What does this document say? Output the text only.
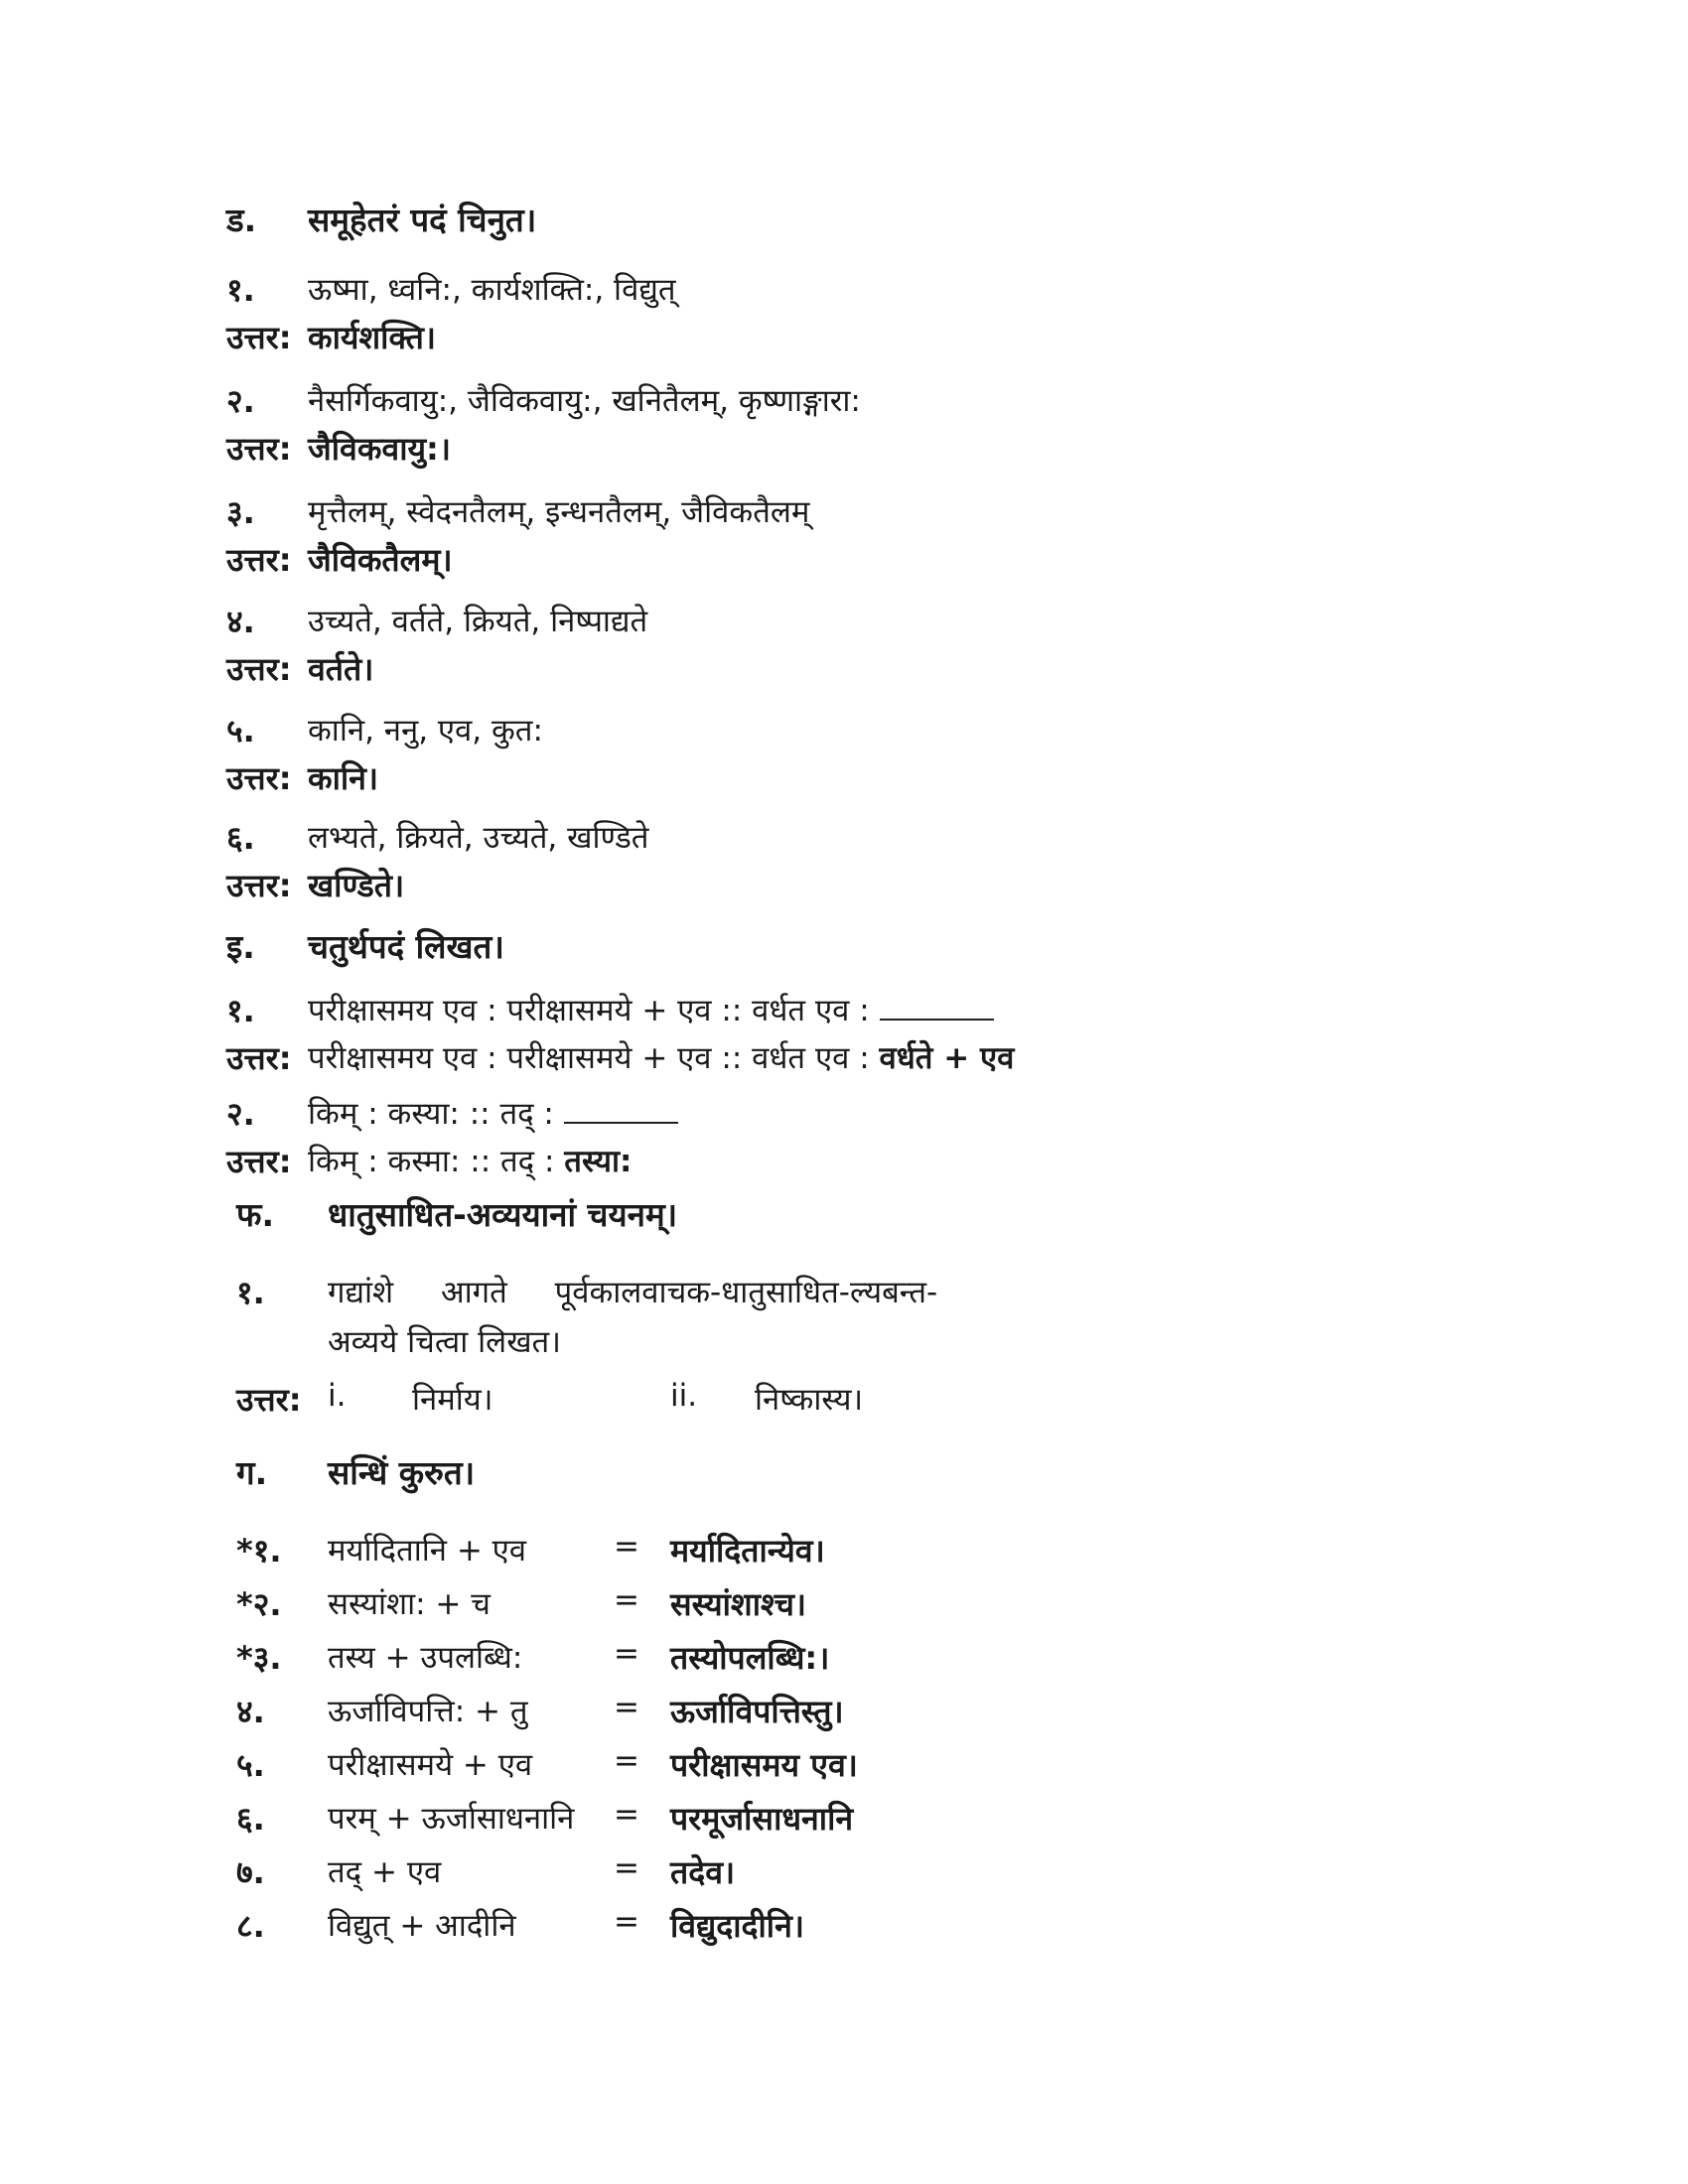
ड. समूहेतरं पदं चिनुत।
१. ऊष्मा, ध्वनि:, कार्यशक्ति:, विद्युत्
उत्तर: कार्यशक्ति।
२. नैसर्गिकवायु:, जैविकवायु:, खनितैलम्, कृष्णाङ्गारा:
उत्तर: जैविकवायु:।
३. मृत्तैलम्, स्वेदनतैलम्, इन्धनतैलम्, जैविकतैलम्
उत्तर: जैविकतैलम्।
४. उच्यते, वर्तते, क्रियते, निष्पाद्यते
उत्तर: वर्तते।
५. कानि, ननु, एव, कुत:
उत्तर: कानि।
६. लभ्यते, क्रियते, उच्यते, खण्डिते
उत्तर: खण्डिते।
इ. चतुर्थपदं लिखत।
१. परीक्षासमय एव : परीक्षासमये + एव :: वर्धत एव :
उत्तर: परीक्षासमय एव : परीक्षासमये + एव :: वर्धत एव : वर्धते + एव
२. किम् : कस्या: :: तद् :
उत्तर: किम् : कस्मा: :: तद् : तस्या:
फ. धातुसाधित-अव्ययानां चयनम्।
१. गद्यांशे आगते पूर्वकालवाचक-धातुसाधित-ल्यबन्त-
अव्यये चित्वा लिखत।
उत्तर: i. निर्माय।	ii. निष्कास्य।
ग. सन्धिं कुरुत।
*१. मर्यादितानि + एव	= मर्यादितान्येव।
*२. सस्यांशा: + च	= सस्यांशाश्च।
*३. तस्य + उपलब्धि:	= तस्योपलब्धि:।
४. ऊर्जाविपत्ति: + तु	= ऊर्जाविपत्तिस्तु।
५. परीक्षासमये + एव	= परीक्षासमय एव।
६. परम् + ऊर्जासाधनानि = परमूर्जासाधनानि
७. तद् + एव	= तदेव।
८. विद्युत् + आदीनि	= विद्युदादीनि।
